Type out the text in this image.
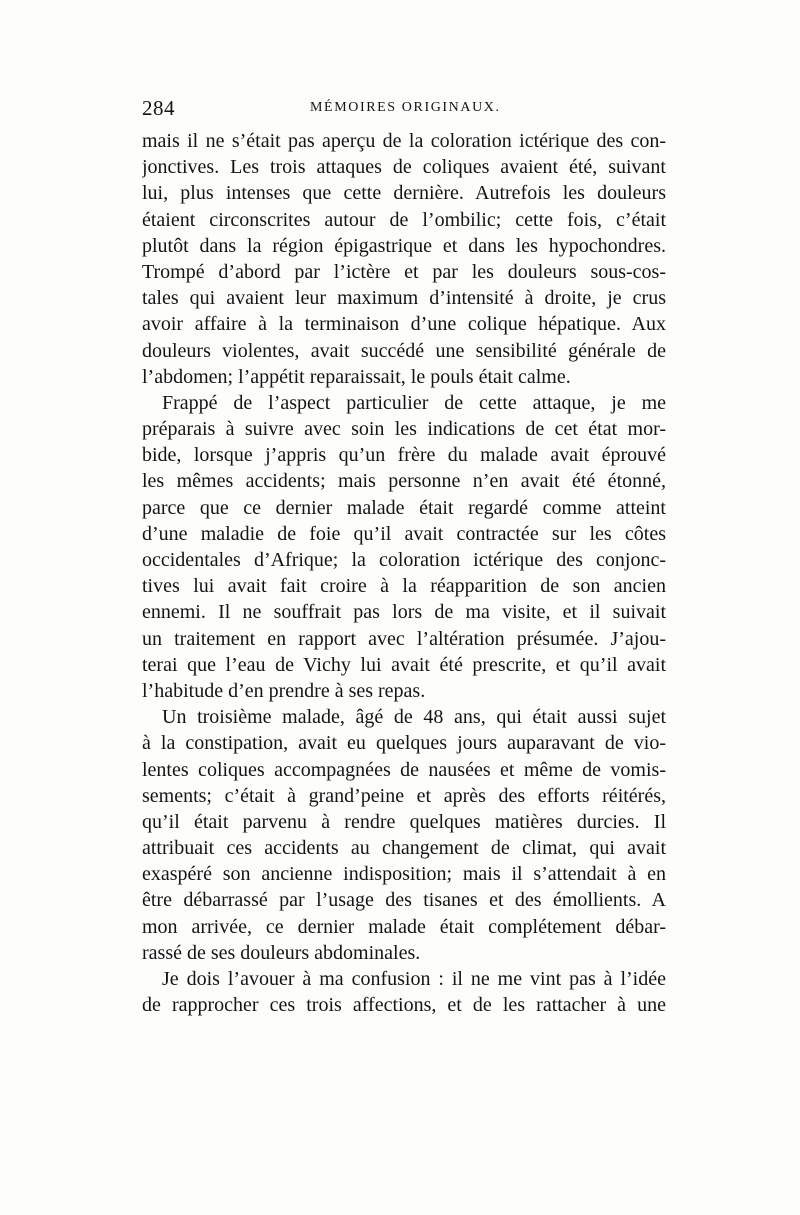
284	MÉMOIRES ORIGINAUX.
mais il ne s’était pas aperçu de la coloration ictérique des con-
jonctives. Les trois attaques de coliques avaient été, suivant
lui, plus intenses que cette dernière. Autrefois les douleurs
étaient circonscrites autour de l’ombilic; cette fois, c’était
plutôt dans la région épigastrique et dans les hypochondres.
Trompé d’abord par l’ictère et par les douleurs sous-cos-
tales qui avaient leur maximum d’intensité à droite, je crus
avoir affaire à la terminaison d’une colique hépatique. Aux
douleurs violentes, avait succédé une sensibilité générale de
l’abdomen; l’appétit reparaissait, le pouls était calme.
Frappé de l’aspect particulier de cette attaque, je me
préparais à suivre avec soin les indications de cet état mor-
bide, lorsque j’appris qu’un frère du malade avait éprouvé
les mêmes accidents; mais personne n’en avait été étonné,
parce que ce dernier malade était regardé comme atteint
d’une maladie de foie qu’il avait contractée sur les côtes
occidentales d’Afrique; la coloration ictérique des conjonc-
tives lui avait fait croire à la réapparition de son ancien
ennemi. Il ne souffrait pas lors de ma visite, et il suivait
un traitement en rapport avec l’altération présumée. J’ajou-
terai que l’eau de Vichy lui avait été prescrite, et qu’il avait
l’habitude d’en prendre à ses repas.
Un troisième malade, âgé de 48 ans, qui était aussi sujet
à la constipation, avait eu quelques jours auparavant de vio-
lentes coliques accompagnées de nausées et même de vomis-
sements; c’était à grand’peine et après des efforts réitérés,
qu’il était parvenu à rendre quelques matières durcies. Il
attribuait ces accidents au changement de climat, qui avait
exaspéré son ancienne indisposition; mais il s’attendait à en
être débarrassé par l’usage des tisanes et des émollients. A
mon arrivée, ce dernier malade était complétement débar-
rassé de ses douleurs abdominales.
Je dois l’avouer à ma confusion : il ne me vint pas à l’idée
de rapprocher ces trois affections, et de les rattacher à une
